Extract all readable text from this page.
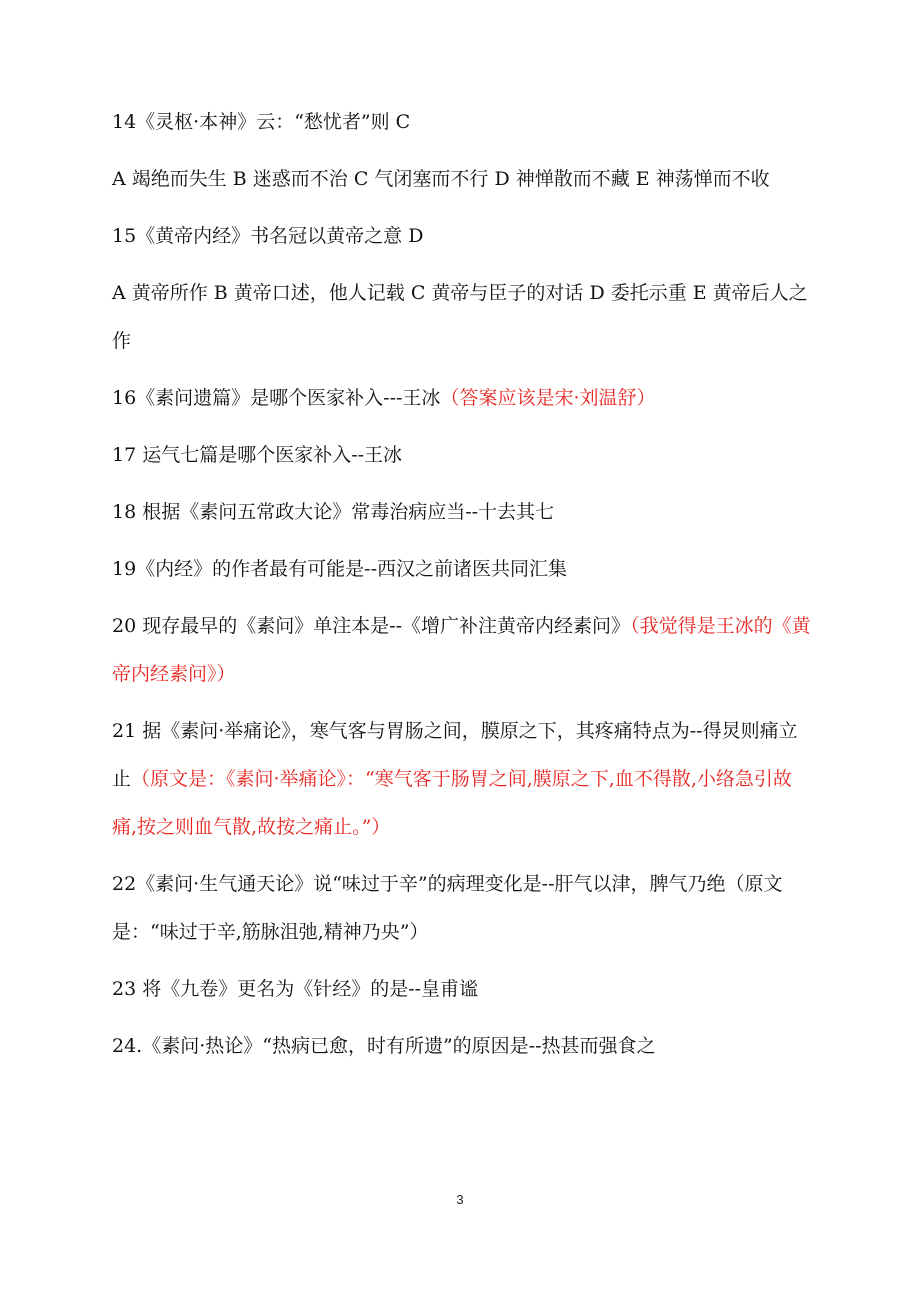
14《灵枢·本神》云：“愁忧者”则 C

A 竭绝而失生 B 迷惑而不治 C 气闭塞而不行 D 神惮散而不藏 E 神荡惮而不收

15《黄帝内经》书名冠以黄帝之意 D

A 黄帝所作 B 黄帝口述，他人记载 C 黄帝与臣子的对话 D 委托示重 E 黄帝后人之作

16《素问遗篇》是哪个医家补入---王冰（答案应该是宋·刘温舒）

17 运气七篇是哪个医家补入--王冰

18 根据《素问五常政大论》常毒治病应当--十去其七

19《内经》的作者最有可能是--西汉之前诸医共同汇集

20 现存最早的《素问》单注本是--《增广补注黄帝内经素问》（我觉得是王冰的《黄帝内经素问》）

21 据《素问·举痛论》，寒气客与胃肠之间，膜原之下，其疼痛特点为--得炅则痛立止（原文是：《素问·举痛论》：“寒气客于肠胃之间,膜原之下,血不得散,小络急引故痛,按之则血气散,故按之痛止。”）

22《素问·生气通天论》说“味过于辛”的病理变化是--肝气以津，脾气乃绝（原文是：“味过于辛,筋脉沮弛,精神乃央”）

23 将《九卷》更名为《针经》的是--皇甫谧

24.《素问·热论》“热病已愈，时有所遗”的原因是--热甚而强食之

3
